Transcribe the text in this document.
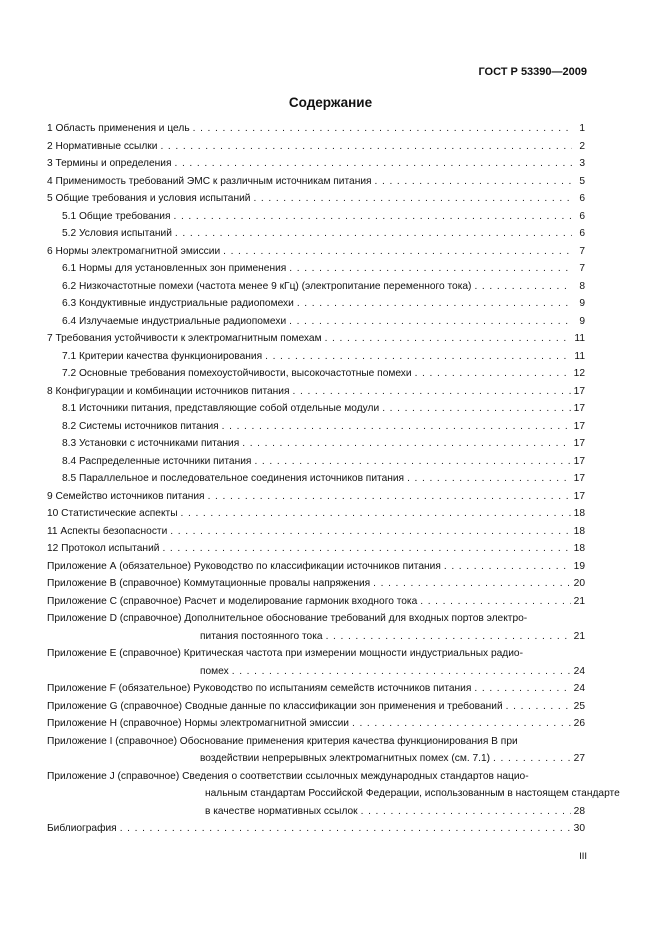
ГОСТ Р 53390—2009
Содержание
1 Область применения и цель . . .	1
2 Нормативные ссылки . . .	2
3 Термины и определения . . .	3
4 Применимость требований ЭМС к различным источникам питания . . .	5
5 Общие требования и условия испытаний . . .	6
5.1 Общие требования . . .	6
5.2 Условия испытаний . . .	6
6 Нормы электромагнитной эмиссии . . .	7
6.1 Нормы для установленных зон применения . . .	7
6.2 Низкочастотные помехи (частота менее 9 кГц) (электропитание переменного тока) . . .	8
6.3 Кондуктивные индустриальные радиопомехи . . .	9
6.4 Излучаемые индустриальные радиопомехи . . .	9
7 Требования устойчивости к электромагнитным помехам . . .	11
7.1 Критерии качества функционирования . . .	11
7.2 Основные требования помехоустойчивости, высокочастотные помехи . . .	12
8 Конфигурации и комбинации источников питания . . .	17
8.1 Источники питания, представляющие собой отдельные модули . . .	17
8.2 Системы источников питания . . .	17
8.3 Установки с источниками питания . . .	17
8.4 Распределенные источники питания . . .	17
8.5 Параллельное и последовательное соединения источников питания . . .	17
9 Семейство источников питания . . .	17
10 Статистические аспекты . . .	18
11 Аспекты безопасности . . .	18
12 Протокол испытаний . . .	18
Приложение А (обязательное) Руководство по классификации источников питания . . .	19
Приложение В (справочное) Коммутационные провалы напряжения . . .	20
Приложение С (справочное) Расчет и моделирование гармоник входного тока . . .	21
Приложение D (справочное) Дополнительное обоснование требований для входных портов электро-
питания постоянного тока . . .	21
Приложение Е (справочное) Критическая частота при измерении мощности индустриальных радио-
помех . . .	24
Приложение F (обязательное) Руководство по испытаниям семейств источников питания . . .	24
Приложение G (справочное) Сводные данные по классификации зон применения и требований . . .	25
Приложение H (справочное) Нормы электромагнитной эмиссии . . .	26
Приложение I (справочное) Обоснование применения критерия качества функционирования В при
воздействии непрерывных электромагнитных помех (см. 7.1) . . .	27
Приложение J (справочное) Сведения о соответствии ссылочных международных стандартов нацио-
нальным стандартам Российской Федерации, использованным в настоящем стандарте
в качестве нормативных ссылок . . .	28
Библиография . . .	30
III
